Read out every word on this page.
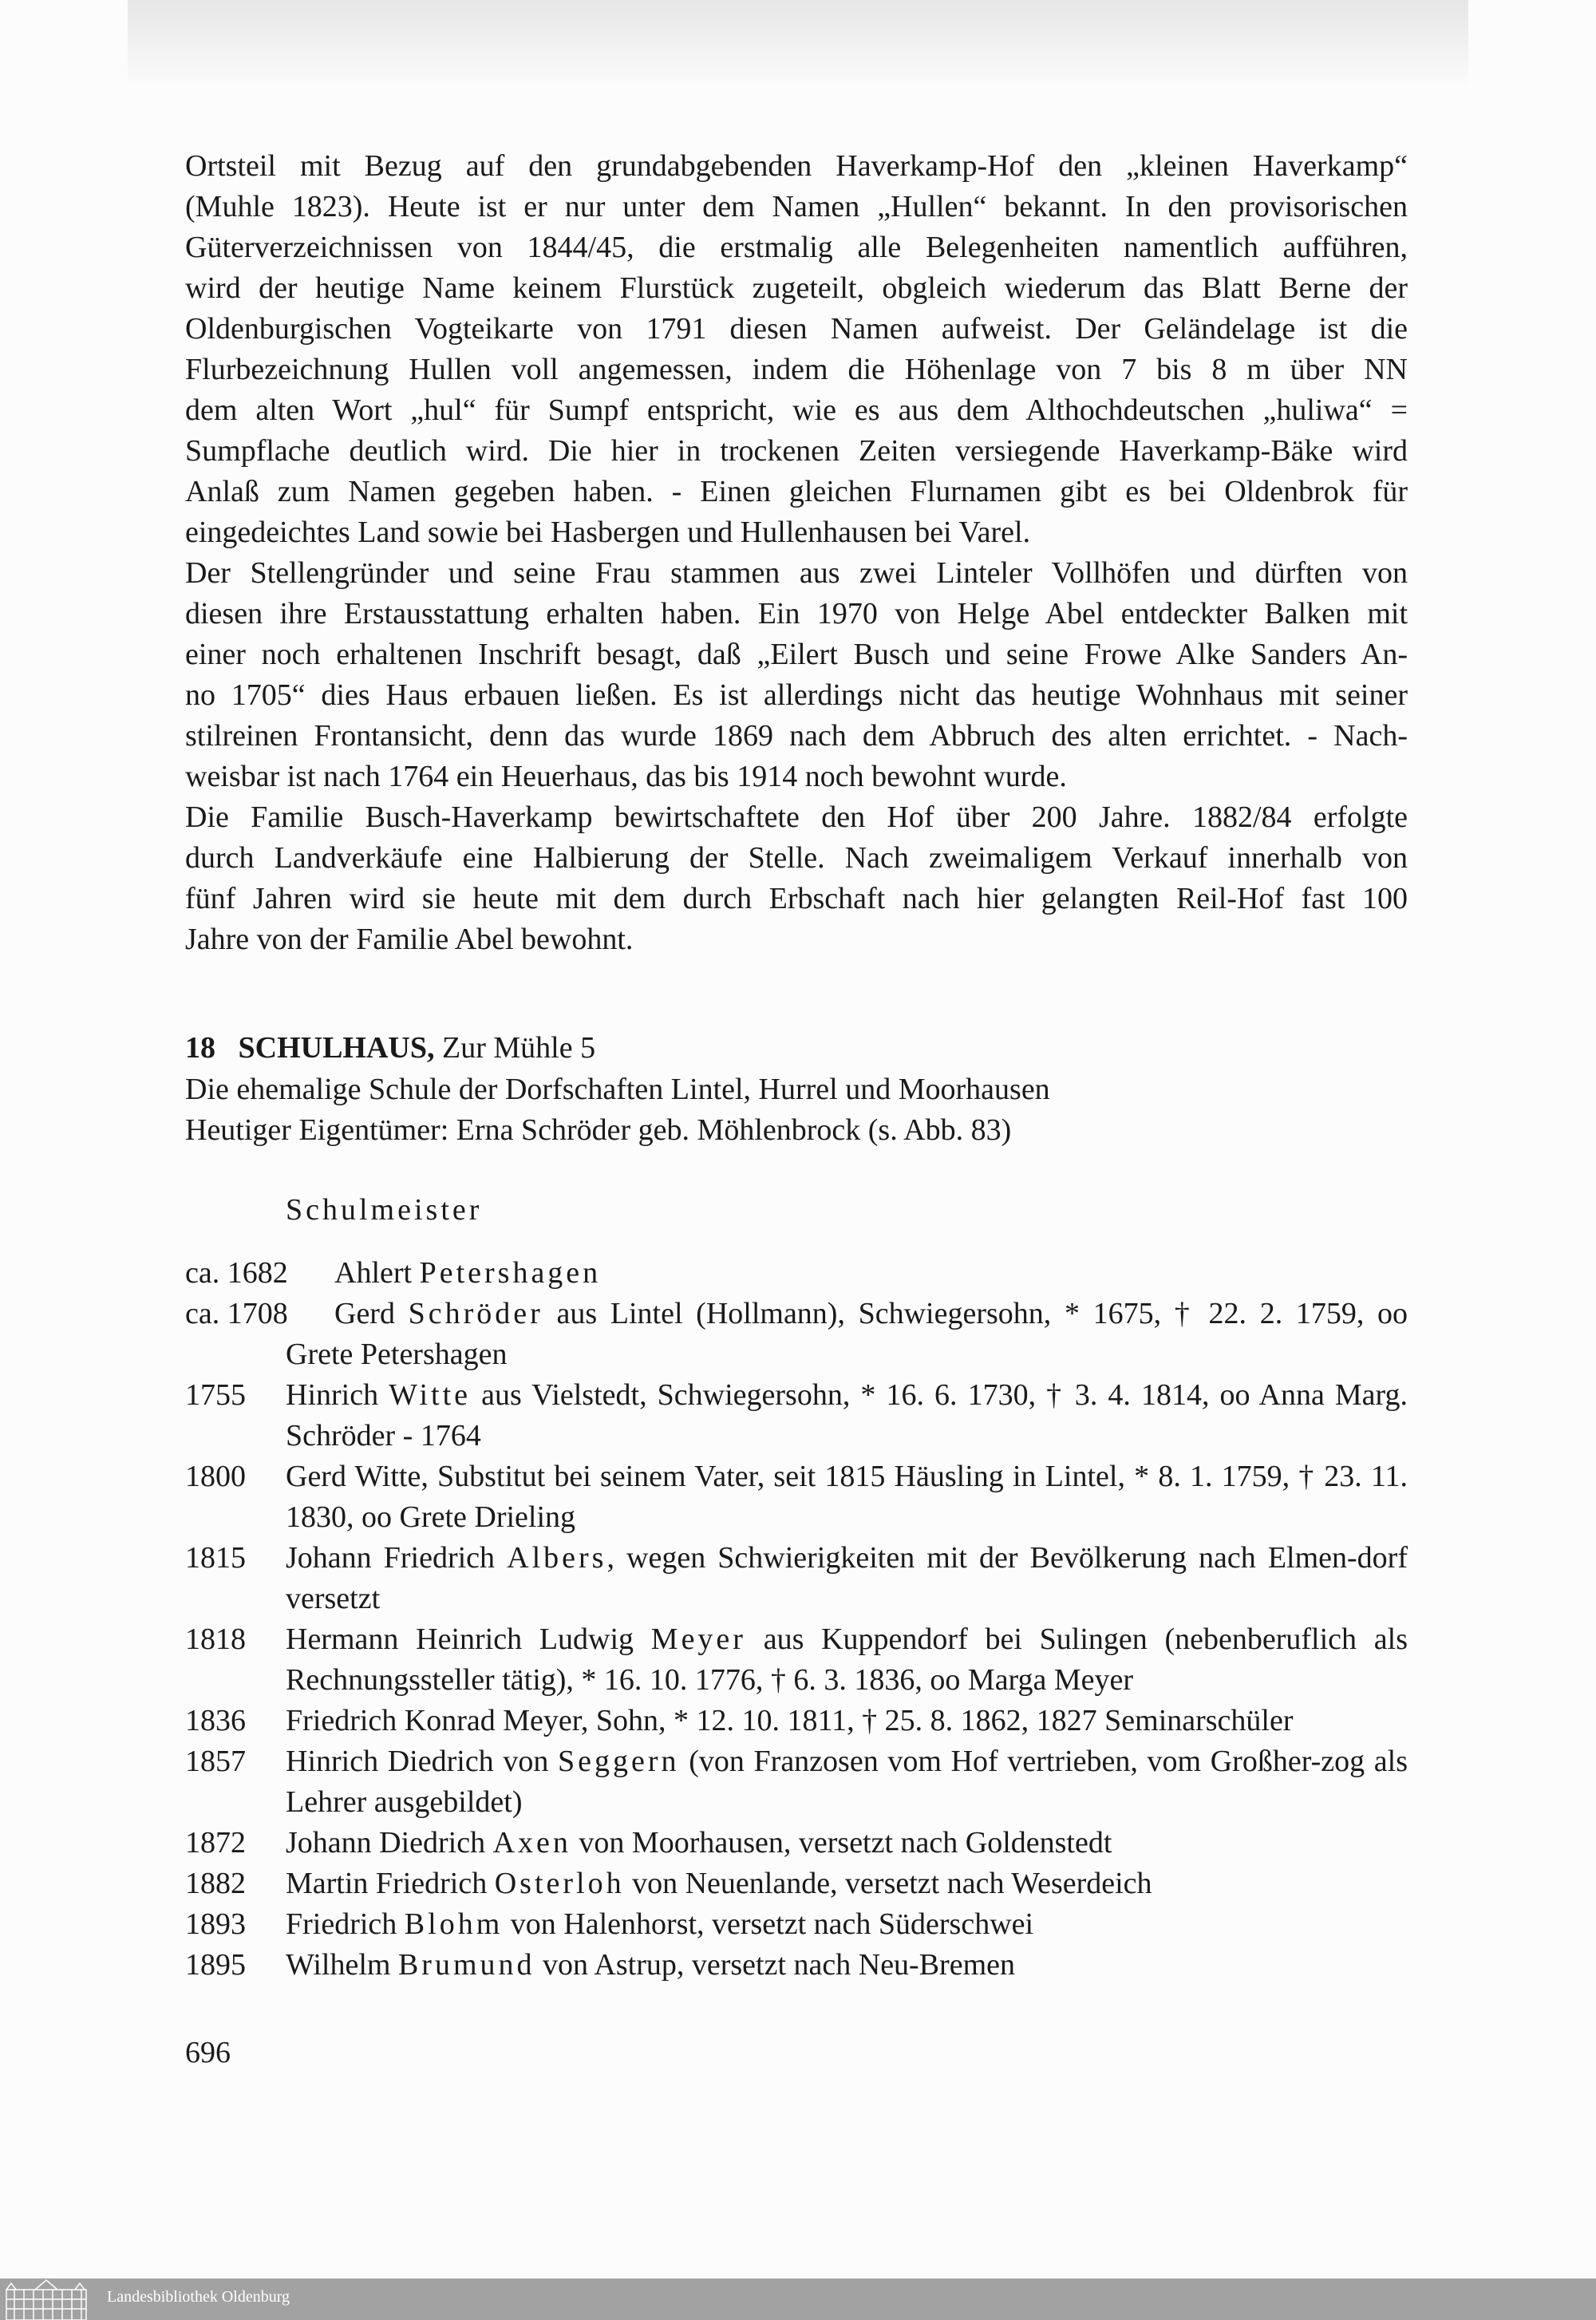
Ortsteil mit Bezug auf den grundabgebenden Haverkamp-Hof den „kleinen Haverkamp“
(Muhle 1823). Heute ist er nur unter dem Namen „Hullen“ bekannt. In den provisorischen
Güterverzeichnissen von 1844/45, die erstmalig alle Belegenheiten namentlich aufführen,
wird der heutige Name keinem Flurstück zugeteilt, obgleich wiederum das Blatt Berne der
Oldenburgischen Vogteikarte von 1791 diesen Namen aufweist. Der Geländelage ist die
Flurbezeichnung Hullen voll angemessen, indem die Höhenlage von 7 bis 8 m über NN
dem alten Wort „hul“ für Sumpf entspricht, wie es aus dem Althochdeutschen „huliwa“ =
Sumpflache deutlich wird. Die hier in trockenen Zeiten versiegende Haverkamp-Bäke wird
Anlaß zum Namen gegeben haben. - Einen gleichen Flurnamen gibt es bei Oldenbrok für
eingedeichtes Land sowie bei Hasbergen und Hullenhausen bei Varel.
Der Stellengründer und seine Frau stammen aus zwei Linteler Vollhöfen und dürften von
diesen ihre Erstausstattung erhalten haben. Ein 1970 von Helge Abel entdeckter Balken mit
einer noch erhaltenen Inschrift besagt, daß „Eilert Busch und seine Frowe Alke Sanders An-
no 1705“ dies Haus erbauen ließen. Es ist allerdings nicht das heutige Wohnhaus mit seiner
stilreinen Frontansicht, denn das wurde 1869 nach dem Abbruch des alten errichtet. - Nach-
weisbar ist nach 1764 ein Heuerhaus, das bis 1914 noch bewohnt wurde.
Die Familie Busch-Haverkamp bewirtschaftete den Hof über 200 Jahre. 1882/84 erfolgte
durch Landverkäufe eine Halbierung der Stelle. Nach zweimaligem Verkauf innerhalb von
fünf Jahren wird sie heute mit dem durch Erbschaft nach hier gelangten Reil-Hof fast 100
Jahre von der Familie Abel bewohnt.
18 SCHULHAUS, Zur Mühle 5
Die ehemalige Schule der Dorfschaften Lintel, Hurrel und Moorhausen
Heutiger Eigentümer: Erna Schröder geb. Möhlenbrock (s. Abb. 83)
Schulmeister
ca. 1682 Ahlert Petershagen
ca. 1708 Gerd Schröder aus Lintel (Hollmann), Schwiegersohn, * 1675, † 22. 2. 1759, oo Grete Petershagen
1755 Hinrich Witte aus Vielstedt, Schwiegersohn, * 16. 6. 1730, † 3. 4. 1814, oo Anna Marg. Schröder - 1764
1800 Gerd Witte, Substitut bei seinem Vater, seit 1815 Häusling in Lintel, * 8. 1. 1759, † 23. 11. 1830, oo Grete Drieling
1815 Johann Friedrich Albers, wegen Schwierigkeiten mit der Bevölkerung nach Elmen-dorf versetzt
1818 Hermann Heinrich Ludwig Meyer aus Kuppendorf bei Sulingen (nebenberuflich als Rechnungssteller tätig), * 16. 10. 1776, † 6. 3. 1836, oo Marga Meyer
1836 Friedrich Konrad Meyer, Sohn, * 12. 10. 1811, † 25. 8. 1862, 1827 Seminarschüler
1857 Hinrich Diedrich von Seggern (von Franzosen vom Hof vertrieben, vom Großher-zog als Lehrer ausgebildet)
1872 Johann Diedrich Axen von Moorhausen, versetzt nach Goldenstedt
1882 Martin Friedrich Osterloh von Neuenlande, versetzt nach Weserdeich
1893 Friedrich Blohm von Halenhorst, versetzt nach Süderschwei
1895 Wilhelm Brumund von Astrup, versetzt nach Neu-Bremen
696
Landesbibliothek Oldenburg
